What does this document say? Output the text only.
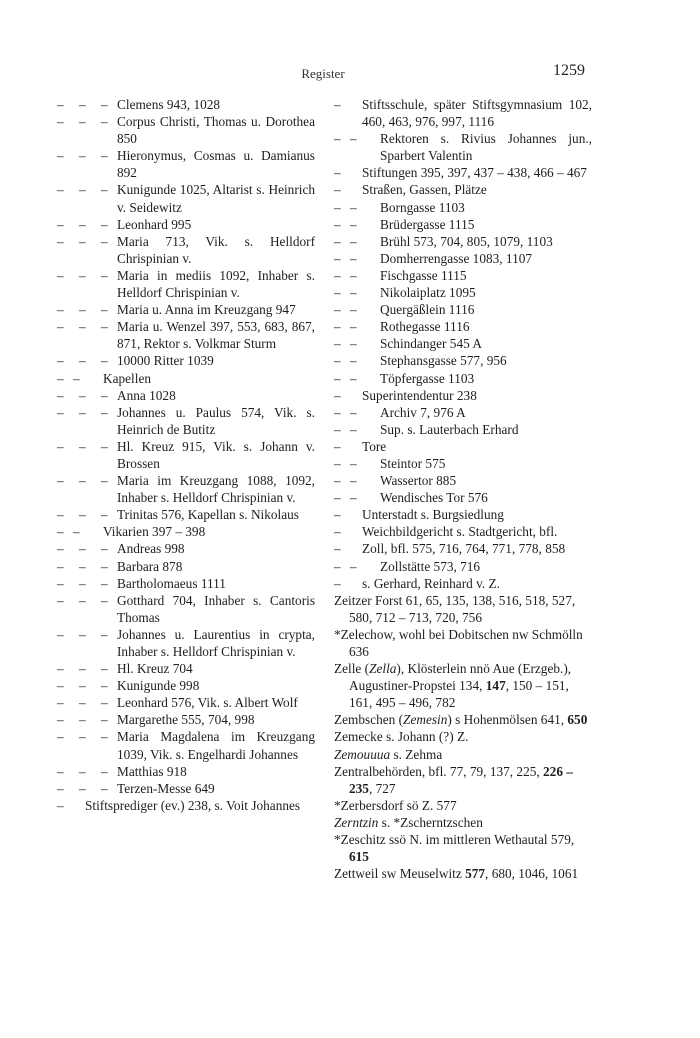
Register	1259
– – – Clemens 943, 1028
– – – Corpus Christi, Thomas u. Dorothea 850
– – – Hieronymus, Cosmas u. Damianus 892
– – – Kunigunde 1025, Altarist s. Heinrich v. Seidewitz
– – – Leonhard 995
– – – Maria 713, Vik. s. Helldorf Chrispinian v.
– – – Maria in mediis 1092, Inhaber s. Helldorf Chrispinian v.
– – – Maria u. Anna im Kreuzgang 947
– – – Maria u. Wenzel 397, 553, 683, 867, 871, Rektor s. Volkmar Sturm
– – – 10000 Ritter 1039
– – Kapellen
– – – Anna 1028
– – – Johannes u. Paulus 574, Vik. s. Heinrich de Butitz
– – – Hl. Kreuz 915, Vik. s. Johann v. Brossen
– – – Maria im Kreuzgang 1088, 1092, Inhaber s. Helldorf Chrispinian v.
– – – Trinitas 576, Kapellan s. Nikolaus
– – Vikarien 397 – 398
– – – Andreas 998
– – – Barbara 878
– – – Bartholomaeus 1111
– – – Gotthard 704, Inhaber s. Cantoris Thomas
– – – Johannes u. Laurentius in crypta, Inhaber s. Helldorf Chrispinian v.
– – – Hl. Kreuz 704
– – – Kunigunde 998
– – – Leonhard 576, Vik. s. Albert Wolf
– – – Margarethe 555, 704, 998
– – – Maria Magdalena im Kreuzgang 1039, Vik. s. Engelhardi Johannes
– – – Matthias 918
– – – Terzen-Messe 649
– Stiftsprediger (ev.) 238, s. Voit Johannes
– Stiftsschule, später Stiftsgymnasium 102, 460, 463, 976, 997, 1116
– – Rektoren s. Rivius Johannes jun., Sparbert Valentin
– Stiftungen 395, 397, 437 – 438, 466 – 467
– Straßen, Gassen, Plätze
– – Borngasse 1103
– – Brüdergasse 1115
– – Brühl 573, 704, 805, 1079, 1103
– – Domherrengasse 1083, 1107
– – Fischgasse 1115
– – Nikolaiplatz 1095
– – Quergäßlein 1116
– – Rothegasse 1116
– – Schindanger 545 A
– – Stephansgasse 577, 956
– – Töpfergasse 1103
– Superintendentur 238
– – Archiv 7, 976 A
– – Sup. s. Lauterbach Erhard
– Tore
– – Steintor 575
– – Wassertor 885
– – Wendisches Tor 576
– Unterstadt s. Burgsiedlung
– Weichbildgericht s. Stadtgericht, bfl.
– Zoll, bfl. 575, 716, 764, 771, 778, 858
– – Zollstätte 573, 716
– s. Gerhard, Reinhard v. Z.
Zeitzer Forst 61, 65, 135, 138, 516, 518, 527, 580, 712 – 713, 720, 756
*Zelechow, wohl bei Dobitschen nw Schmölln 636
Zelle (Zella), Klösterlein nnö Aue (Erzgeb.), Augustiner-Propstei 134, 147, 150 – 151, 161, 495 – 496, 782
Zembschen (Zemesin) s Hohenmölsen 641, 650
Zemecke s. Johann (?) Z.
Zemouuua s. Zehma
Zentralbehörden, bfl. 77, 79, 137, 225, 226 – 235, 727
*Zerbersdorf sö Z. 577
Zerntzin s. *Zscherntzschen
*Zeschitz ssö N. im mittleren Wethautal 579, 615
Zettweil sw Meuselwitz 577, 680, 1046, 1061
